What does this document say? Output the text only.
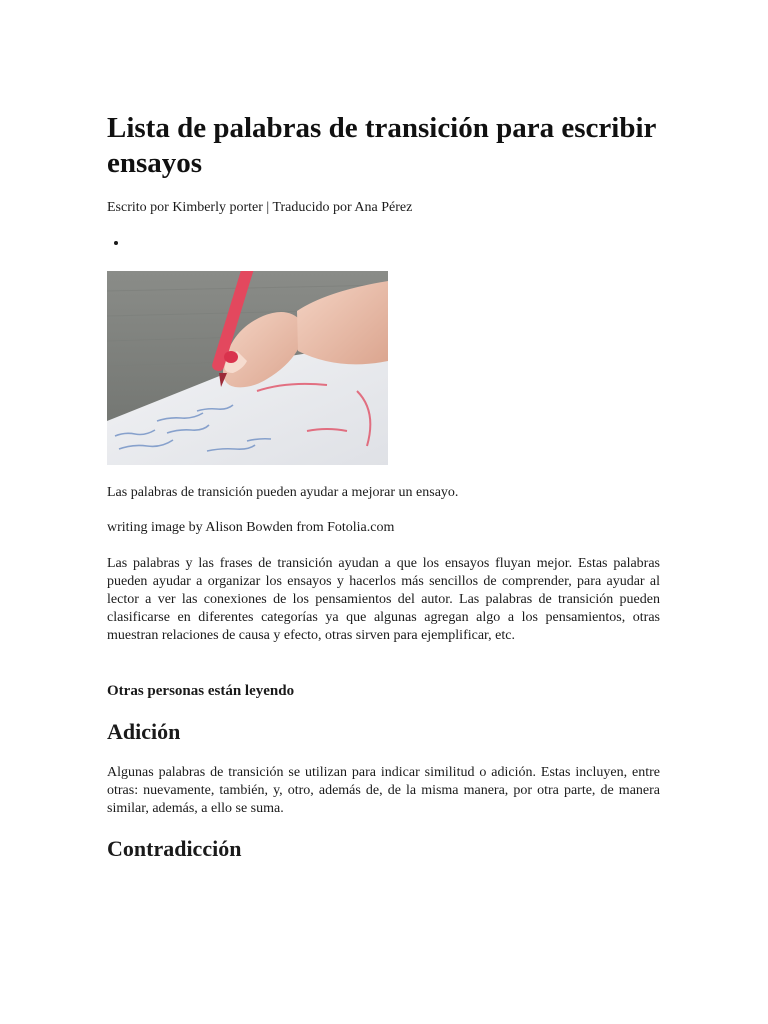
Lista de palabras de transición para escribir ensayos

Escrito por Kimberly porter | Traducido por Ana Pérez

Las palabras de transición pueden ayudar a mejorar un ensayo.

writing image by Alison Bowden from Fotolia.com

Las palabras y las frases de transición ayudan a que los ensayos fluyan mejor. Estas palabras pueden ayudar a organizar los ensayos y hacerlos más sencillos de comprender, para ayudar al lector a ver las conexiones de los pensamientos del autor. Las palabras de transición pueden clasificarse en diferentes categorías ya que algunas agregan algo a los pensamientos, otras muestran relaciones de causa y efecto, otras sirven para ejemplificar, etc.

Otras personas están leyendo
Adición

Algunas palabras de transición se utilizan para indicar similitud o adición. Estas incluyen, entre otras: nuevamente, también, y, otro, además de, de la misma manera, por otra parte, de manera similar, además, a ello se suma.

Contradicción
